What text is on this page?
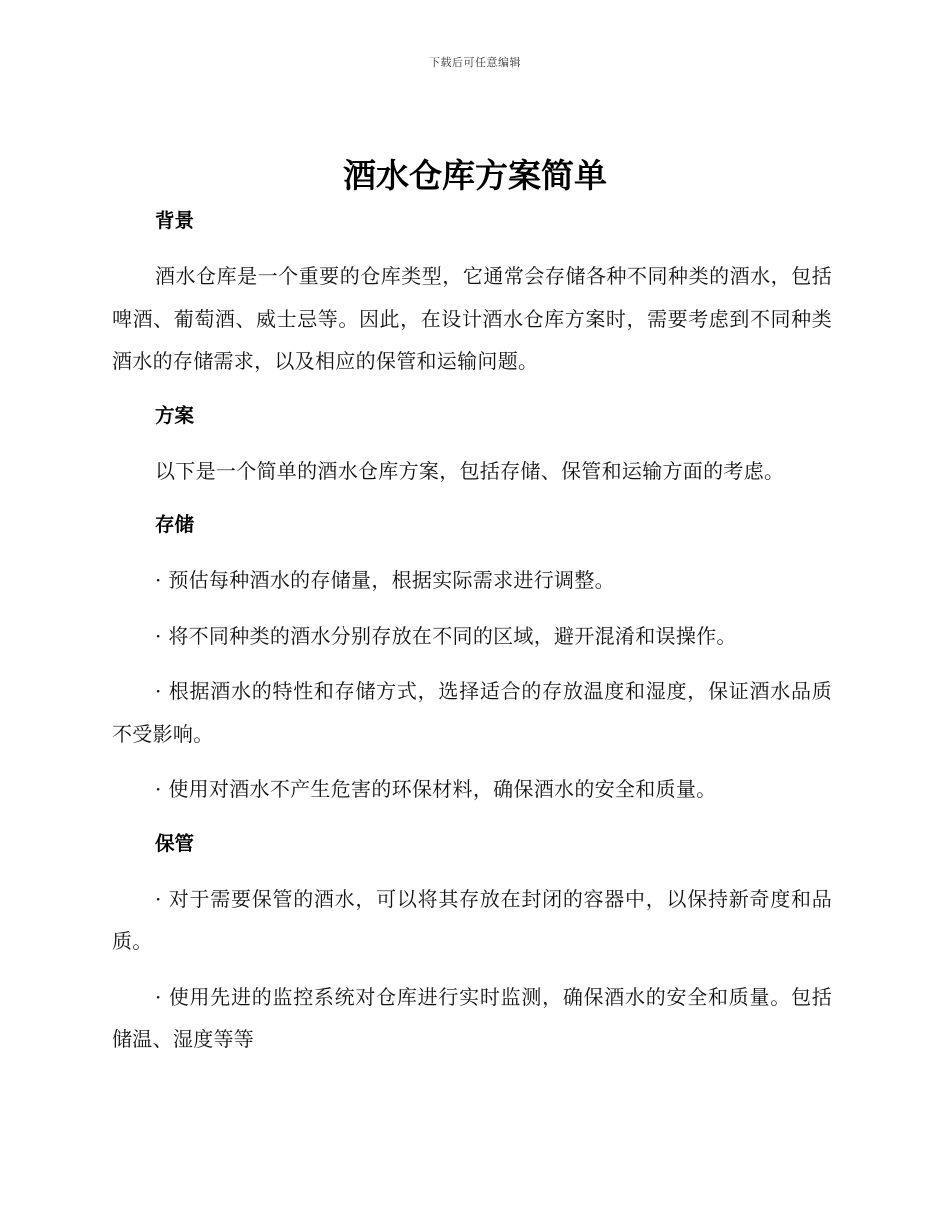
下载后可任意编辑
酒水仓库方案简单
背景

酒水仓库是一个重要的仓库类型，它通常会存储各种不同种类的酒水，包括啤酒、葡萄酒、威士忌等。因此，在设计酒水仓库方案时，需要考虑到不同种类酒水的存储需求，以及相应的保管和运输问题。

方案

以下是一个简单的酒水仓库方案，包括存储、保管和运输方面的考虑。

存储

· 预估每种酒水的存储量，根据实际需求进行调整。

· 将不同种类的酒水分别存放在不同的区域，避开混淆和误操作。

· 根据酒水的特性和存储方式，选择适合的存放温度和湿度，保证酒水品质不受影响。

· 使用对酒水不产生危害的环保材料，确保酒水的安全和质量。

保管

· 对于需要保管的酒水，可以将其存放在封闭的容器中，以保持新奇度和品质。

· 使用先进的监控系统对仓库进行实时监测，确保酒水的安全和质量。包括储温、湿度等等
